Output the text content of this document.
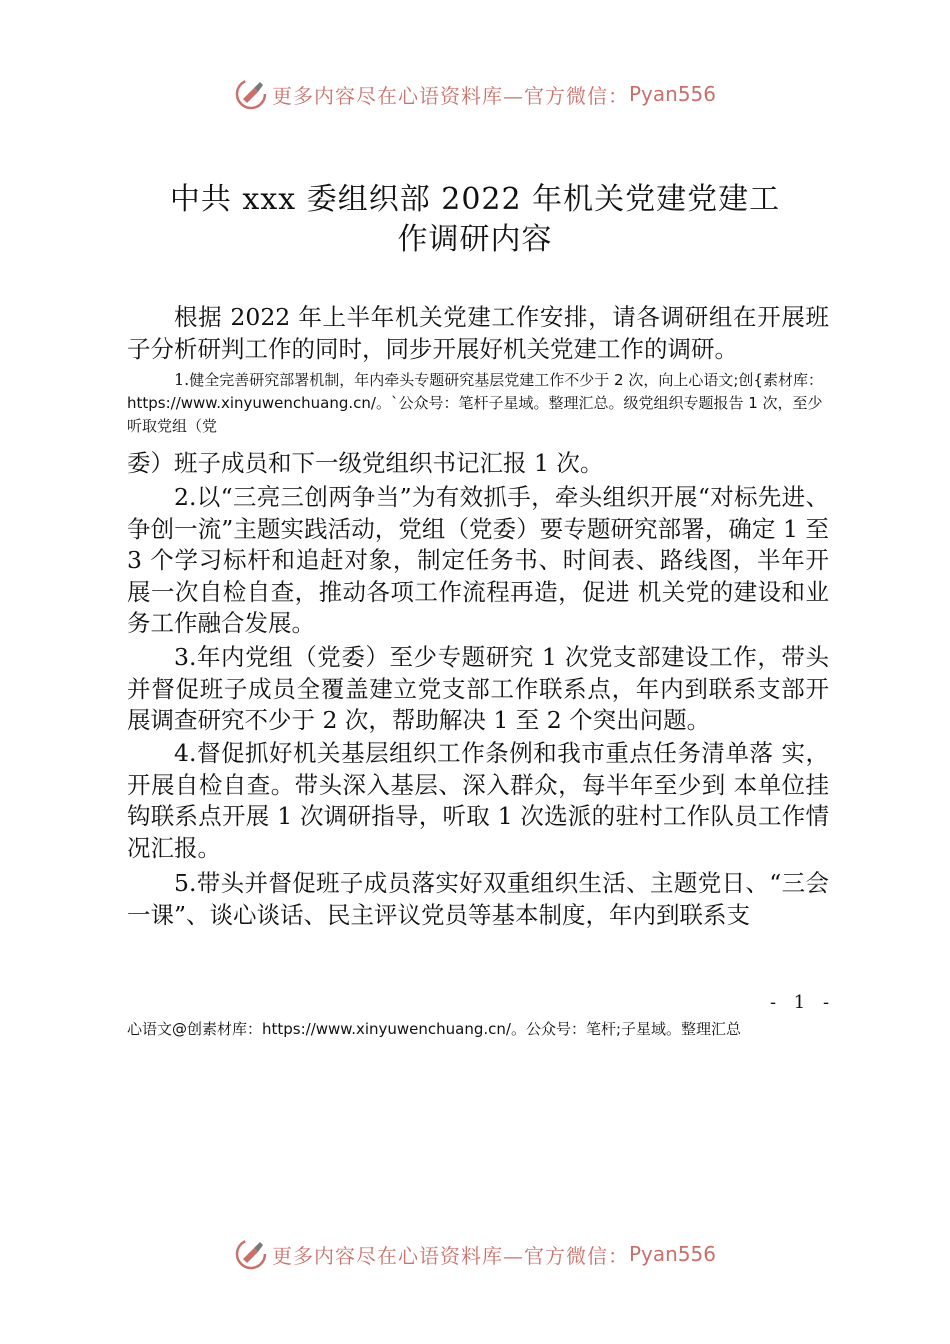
更多内容尽在心语资料库—官方微信： Pyan556
中共 xxx 委组织部 2022 年机关党建党建工
作调研内容
根据 2022 年上半年机关党建工作安排，请各调研组在开展班子分析研判工作的同时，同步开展好机关党建工作的调研。
1.健全完善研究部署机制，年内牵头专题研究基层党建工作不少于 2 次，向上心语文;创{素材库：https://www.xinyuwenchuang.cn/。`公众号：笔杆子星域。整理汇总。级党组织专题报告 1 次，至少听取党组（党
委）班子成员和下一级党组织书记汇报 1 次。
2.以“三亮三创两争当”为有效抓手，牵头组织开展“对标先进、争创一流”主题实践活动，党组（党委）要专题研究部署，确定 1 至 3 个学习标杆和追赶对象，制定任务书、时间表、路线图，半年开展一次自检自查，推动各项工作流程再造，促进 机关党的建设和业务工作融合发展。
3.年内党组（党委）至少专题研究 1 次党支部建设工作，带头并督促班子成员全覆盖建立党支部工作联系点，年内到联系支部开展调查研究不少于 2 次，帮助解决 1 至 2 个突出问题。
4.督促抓好机关基层组织工作条例和我市重点任务清单落 实，开展自检自查。带头深入基层、深入群众，每半年至少到 本单位挂钩联系点开展 1 次调研指导，听取 1 次选派的驻村工作队员工作情况汇报。
5.带头并督促班子成员落实好双重组织生活、主题党日、“三会一课”、谈心谈话、民主评议党员等基本制度，年内到联系支
- 1 -
心语文@创素材库：https://www.xinyuwenchuang.cn/。公众号：笔杆;子星域。整理汇总
更多内容尽在心语资料库—官方微信： Pyan556
